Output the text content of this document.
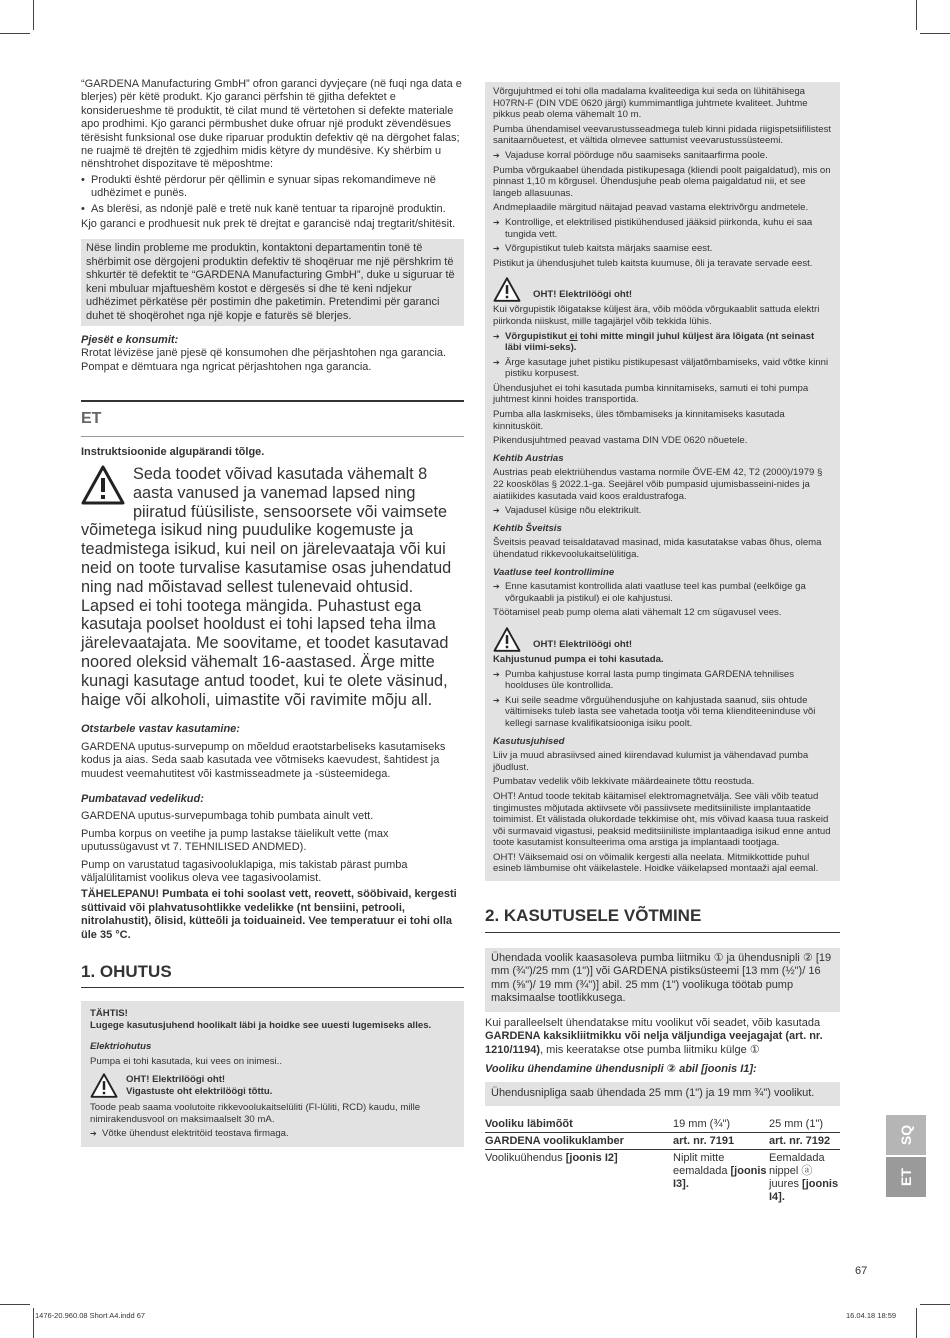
“GARDENA Manufacturing GmbH” ofron garanci dyvjeçare (në fuqi nga data e blerjes) për këtë produkt. Kjo garanci përfshin të gjitha defektet e konsiderueshme të produktit, të cilat mund të vërtetohen si defekte materiale apo prodhimi. Kjo garanci përmbushet duke ofruar një produkt zëvendësues tërësisht funksional ose duke riparuar produktin defektiv që na dërgohet falas; ne ruajmë të drejtën të zgjedhim midis këtyre dy mundësive. Ky shërbim u nënshtrohet dispozitave të mëposhtme:

• Produkti është përdorur për qëllimin e synuar sipas rekomandimeve në udhëzimet e punës.

• As blerësi, as ndonjë palë e tretë nuk kanë tentuar ta riparojnë produktin.

Kjo garanci e prodhuesit nuk prek të drejtat e garancisë ndaj tregtarit/shitësit.

Nëse lindin probleme me produktin, kontaktoni departamentin tonë të shërbimit ose dërgojeni produktin defektiv të shoqëruar me një përshkrim të shkurtër të defektit te “GARDENA Manufacturing GmbH”, duke u siguruar të keni mbuluar mjaftueshëm kostot e dërgesës si dhe të keni ndjekur udhëzimet përkatëse për postimin dhe paketimin. Pretendimi për garanci duhet të shoqërohet nga një kopje e faturës së blerjes.

Pjesët e konsumit:

Rrotat lëvizëse janë pjesë që konsumohen dhe përjashtohen nga garancia. Pompat e dëmtuara nga ngricat përjashtohen nga garancia.

ET

Instruktsioonide algupärandi tõlge.

Seda toodet võivad kasutada vähemalt 8 aasta vanused ja vanemad lapsed ning piiratud füüsiliste, sensoorsete või vaimsete võimetega isikud ning puudulike kogemuste ja teadmistega isikud, kui neil on järelevaataja või kui neid on toote turvalise kasutamise osas juhendatud ning nad mõistavad sellest tulenevaid ohtusid. Lapsed ei tohi tootega mängida. Puhastust ega kasutaja poolset hooldust ei tohi lapsed teha ilma järelevaatajata. Me soovitame, et toodet kasutavad noored oleksid vähemalt 16-aastased. Ärge mitte kunagi kasutage antud toodet, kui te olete väsinud, haige või alkoholi, uimastite või ravimite mõju all.

Otstarbele vastav kasutamine:

GARDENA uputus-survepump on mõeldud eraotstarbeliseks kasutamiseks kodus ja aias. Seda saab kasutada vee võtmiseks kaevudest, šahtidest ja muudest veemahutitest või kastmisseadmete ja -süsteemidega.

Pumbatavad vedelikud:

GARDENA uputus-survepumbaga tohib pumbata ainult vett.

Pumba korpus on veetihe ja pump lastakse täielikult vette (max uputussügavust vt 7. TEHNILISED ANDMED).

Pump on varustatud tagasivooluklapiga, mis takistab pärast pumba väljalülitamist voolikus oleva vee tagasivoolamist.

TÄHELEPANU! Pumbata ei tohi soolast vett, reovett, sööbivaid, kergesti süttivaid või plahvatusohtlikke vedelikke (nt bensiini, petrooli, nitrolahustit), õlisid, kütteõli ja toiduaineid. Vee temperatuur ei tohi olla üle 35 °C.

1. OHUTUS

TÄHTIS!

Lugege kasutusjuhend hoolikalt läbi ja hoidke see uuesti lugemiseks alles.

Elektriohutus

Pumpa ei tohi kasutada, kui vees on inimesi..

OHT! Elektrilöögi oht!

Vigastuste oht elektrilöögi tõttu.

Toode peab saama voolutoite rikkevoolukaitselüliti (FI-lüliti, RCD) kaudu, mille nimirakendusvool on maksimaalselt 30 mA.

➔ Võtke ühendust elektritöid teostava firmaga.

Võrgujuhtmed ei tohi olla madalama kvaliteediga kui seda on lühitähisega H07RN-F (DIN VDE 0620 järgi) kummimantliga juhtmete kvaliteet. Juhtme pikkus peab olema vähemalt 10 m.

Pumba ühendamisel veevarustusseadmega tuleb kinni pidada riigispetsiifilistest sanitaarnõuetest, et vältida olmevee sattumist veevarustussüsteemi.

➔ Vajaduse korral pöörduge nõu saamiseks sanitaarfirma poole.

Pumba võrgukaabel ühendada pistikupesaga (kliendi poolt paigaldatud), mis on pinnast 1,10 m kõrgusel. Ühendusjuhe peab olema paigaldatud nii, et see langeb allasuunas.

Andmeplaadile märgitud näitajad peavad vastama elektrivõrgu andmetele.

➔ Kontrollige, et elektrilised pistikühendused jääksid piirkonda, kuhu ei saa tungida vett.

➔ Võrgupistikut tuleb kaitsta märjaks saamise eest.

Pistikut ja ühendusjuhet tuleb kaitsta kuumuse, õli ja teravate servade eest.

OHT! Elektrilöögi oht!

Kui võrgupistik lõigatakse küljest ära, võib mööda võrgukaablit sattuda elektri piirkonda niiskust, mille tagajärjel võib tekkida lühis.

➔ Võrgupistikut ei tohi mitte mingil juhul küljest ära lõigata (nt seinast läbi viimi-seks).

➔ Ärge kasutage juhet pistiku pistikupesast väljatõmbamiseks, vaid võtke kinni pistiku korpusest.

Ühendusjuhet ei tohi kasutada pumba kinnitamiseks, samuti ei tohi pumpa juhtmest kinni hoides transportida.

Pumba alla laskmiseks, üles tõmbamiseks ja kinnitamiseks kasutada kinnitusköit.

Pikendusjuhtmed peavad vastama DIN VDE 0620 nõuetele.

Kehtib Austrias

Austrias peab elektriühendus vastama normile ÖVE-EM 42, T2 (2000)/1979 § 22 kooskõlas § 2022.1-ga. Seejärel võib pumpasid ujumisbasseini-nides ja aiatiikides kasutada vaid koos eraldustrafoga.

➔ Vajadusel küsige nõu elektrikult.

Kehtib Šveitsis

Šveitsis peavad teisaldatavad masinad, mida kasutatakse vabas õhus, olema ühendatud rikkevoolukaitselülitiga.

Vaatluse teel kontrollimine

➔ Enne kasutamist kontrollida alati vaatluse teel kas pumbal (eelkõige ga võrgukaabli ja pistikul) ei ole kahjustusi.

Töötamisel peab pump olema alati vähemalt 12 cm sügavusel vees.

OHT! Elektrilöögi oht!

Kahjustunud pumpa ei tohi kasutada.

➔ Pumba kahjustuse korral lasta pump tingimata GARDENA tehnilises hoolduses üle kontrollida.

➔ Kui seile seadme võrguühendusjuhe on kahjustada saanud, siis ohtude vältimiseks tuleb lasta see vahetada tootja või tema klienditeeninduse või kellegi sarnase kvalifikatsiooniga isiku poolt.

Kasutusjuhised

Liiv ja muud abrasiivsed ained kiirendavad kulumist ja vähendavad pumba jõudlust.

Pumbatav vedelik võib lekkivate määrdeainete tõttu reostuda.

OHT! Antud toode tekitab käitamisel elektromagnetvälja. See väli võib teatud tingimustes mõjutada aktiivsete või passiivsete meditsiiniliste implantaatide toimimist. Et välistada olukordade tekkimise oht, mis võivad kaasa tuua raskeid või surmavaid vigastusi, peaksid meditsiiniliste implantaadiga isikud enne antud toote kasutamist konsulteerima oma arstiga ja implantaadi tootjaga.

OHT! Väiksemaid osi on võimalik kergesti alla neelata. Mitmikkottide puhul esineb lämbumise oht väikelastele. Hoidke väikelapsed montaaži ajal eemal.

2. KASUTUSELE VÕTMINE

Ühendada voolik kaasasoleva pumba liitmiku ① ja ühendusnipli ② [19 mm (¾")/25 mm (1")] või GARDENA pistiksüsteemi [13 mm (½")/ 16 mm (⅝")/ 19 mm (¾")] abil. 25 mm (1") voolikuga töötab pump maksimaalse tootlikkusega.

Kui paralleelselt ühendatakse mitu voolikut või seadet, võib kasutada GARDENA kaksikliitmikku või nelja väljundiga veejagajat (art. nr. 1210/1194), mis keeratakse otse pumba liitmiku külge ①

Vooliku ühendamine ühendusnipli ② abil [joonis I1]:

Ühendusnipliga saab ühendada 25 mm (1") ja 19 mm ¾") voolikut.

Vooliku läbimõõt	19 mm (¾")	25 mm (1")
GARDENA voolikuklamber	art. nr. 7191	art. nr. 7192
Voolikuühendus [joonis I2]	Niplit mitte eemaldada [joonis I3].	Eemaldada nippel ⓐ juures [joonis I4].
SQ
ET
67
1476-20.960.08 Short A4.indd 67	16.04.18 18:59
